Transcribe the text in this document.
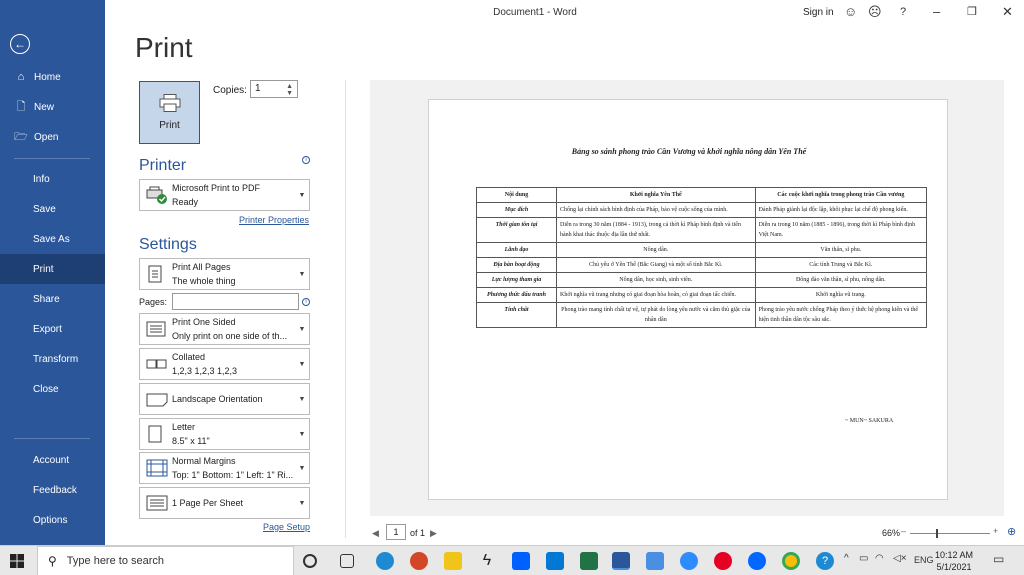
←
⌂ Home
🗋 New
🗁 Open
Info
Save
Save As
Print
Share
Export
Transform
Close
Account
Feedback
Options
Document1 - Word	Sign in ☺ ☹ ? – ❐ ✕
Print
Print
Copies: 1	▲
▼
Printer	i
Microsoft Print to PDF
Ready
▼
Printer Properties
Settings
Print All Pages
The whole thing
▼
Pages:	i
Print One Sided
Only print on one side of th...
▼
Collated
1,2,3 1,2,3 1,2,3
▼
Landscape Orientation	▼
Letter
8.5" x 11"
▼
Normal Margins
Top: 1" Bottom: 1" Left: 1" Ri...
▼
1 Page Per Sheet	▼
Page Setup
Bảng so sánh phong trào Cần Vương và khởi nghĩa nông dân Yên Thế
Nội dung	Khởi nghĩa Yên Thế	Các cuộc khởi nghĩa trong phong trào Cần vương
Mục đích	Chống lại chính sách bình định của Pháp, bảo vệ cuộc sống của mình.	Đánh Pháp giành lại độc lập, khôi phục lại chế độ phong kiến.
Thời gian tồn tại	Diễn ra trong 30 năm (1884 - 1913), trong cả thời kì Pháp bình định và tiến hành khai thác thuộc địa lần thứ nhất.	Diễn ra trong 10 năm (1885 - 1896), trong thời kì Pháp bình định Việt Nam.
Lãnh đạo	Nông dân.	Văn thân, sĩ phu.
Địa bàn hoạt động	Chủ yếu ở Yên Thế (Bắc Giang) và một số tỉnh Bắc Kì.	Các tỉnh Trung và Bắc Kì.
Lực lượng tham gia	Nông dân, học sinh, sinh viên.	Đông đảo văn thân, sĩ phu, nông dân.
Phương thức đấu tranh	Khởi nghĩa vũ trang nhưng có giai đoạn hòa hoãn, có giai đoạn tấc chiến.	Khởi nghĩa vũ trang.
Tính chất	Phong trào mang tính chất tự vệ, tự phát do lòng yêu nước và căm thù giặc của nhân dân	Phong trào yêu nước chống Pháp theo ý thức hệ phong kiến và thể hiện tinh thần dân tộc sâu sắc.
~ MUN~ SAKURA
◀	1	of 1 ▶	66% –	+ ⊕
⚲ Type here to search	ϟ	?	^ ▭ ◠ ◁× ENG 10:12 AM
5/1/2021
▭
